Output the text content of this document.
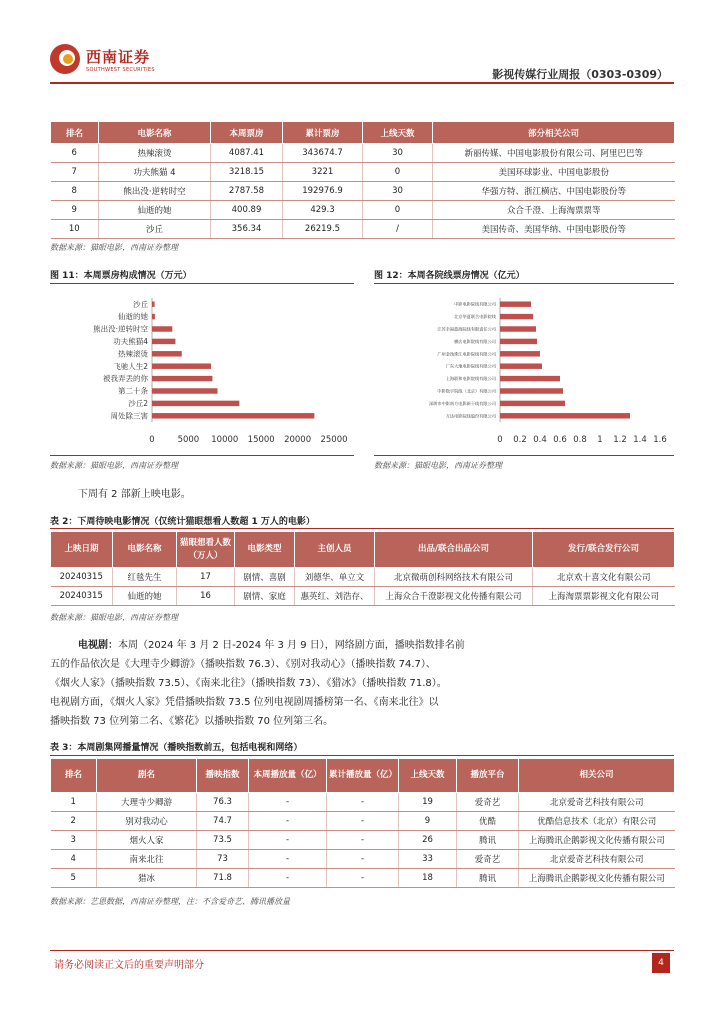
西南证券
SOUTHWEST SECURITIES	影视传媒行业周报（0303-0309）
排名	电影名称	本周票房	累计票房	上线天数	部分相关公司
6	热辣滚烫	4087.41	343674.7	30	新丽传媒、中国电影股份有限公司、阿里巴巴等
7	功夫熊猫 4	3218.15	3221	0	美国环球影业、中国电影股份
8	熊出没·逆转时空	2787.58	192976.9	30	华强方特、浙江横店、中国电影股份等
9	仙逝的她	400.89	429.3	0	众合千澄、上海淘票票等
10	沙丘	356.34	26219.5	/	美国传奇、美国华纳、中国电影股份等
数据来源：猫眼电影，西南证券整理
图 11：本周票房构成情况（万元）	图 12：本周各院线票房情况（亿元）
沙丘
仙逝的她
熊出没·逆转时空
功夫熊猫4
热辣滚烫
飞驰人生2
被我弄丢的你
第二十条
沙丘2
周处除三害
0	5000 10000 15000 20000 25000
中影电影院线有限公司
北京华夏联合电影院线
江苏幸福蓝海院线有限责任公司
横店电影院线有限公司
广州金逸珠江电影院线有限公司
广东大地电影院线有限公司
上海联和电影院线有限公司
中影数字院线（北京）有限公司
深圳市中影南方电影新干线有限公司
万达电影院线股份有限公司
0 0.2 0.4 0.6 0.8 1 1.2 1.4 1.6
数据来源：猫眼电影，西南证券整理	数据来源：猫眼电影，西南证券整理
下周有 2 部新上映电影。
表 2：下周待映电影情况（仅统计猫眼想看人数超 1 万人的电影）
上映日期	电影名称	猫眼想看人数（万人）	电影类型	主创人员	出品/联合出品公司	发行/联合发行公司
20240315	红毯先生	17	剧情、喜剧	刘德华、单立文	北京微萌创科网络技术有限公司	北京欢十喜文化有限公司
20240315	仙逝的她	16	剧情、家庭	惠英红、刘浩存、	上海众合千澄影视文化传播有限公司	上海淘票票影视文化有限公司
数据来源：猫眼电影，西南证券整理
电视剧：本周（2024 年 3 月 2 日-2024 年 3 月 9 日），网络剧方面，播映指数排名前
五的作品依次是《大理寺少卿游》（播映指数 76.3）、《别对我动心》（播映指数 74.7）、
《烟火人家》（播映指数 73.5）、《南来北往》（播映指数 73）、《猎冰》（播映指数 71.8）。
电视剧方面，《烟火人家》凭借播映指数 73.5 位列电视剧周播榜第一名、《南来北往》以
播映指数 73 位列第二名、《繁花》以播映指数 70 位列第三名。
表 3：本周剧集网播量情况（播映指数前五，包括电视和网络）
排名	剧名	播映指数	本周播放量（亿）	累计播放量（亿）	上线天数	播放平台	相关公司
1	大理寺少卿游	76.3	-	-	19	爱奇艺	北京爱奇艺科技有限公司
2	别对我动心	74.7	-	-	9	优酷	优酷信息技术（北京）有限公司
3	烟火人家	73.5	-	-	26	腾讯	上海腾讯企鹅影视文化传播有限公司
4	南来北往	73	-	-	33	爱奇艺	北京爱奇艺科技有限公司
5	猎冰	71.8	-	-	18	腾讯	上海腾讯企鹅影视文化传播有限公司
数据来源：艺恩数据，西南证券整理，注：不含爱奇艺、腾讯播放量
请务必阅读正文后的重要声明部分	4
